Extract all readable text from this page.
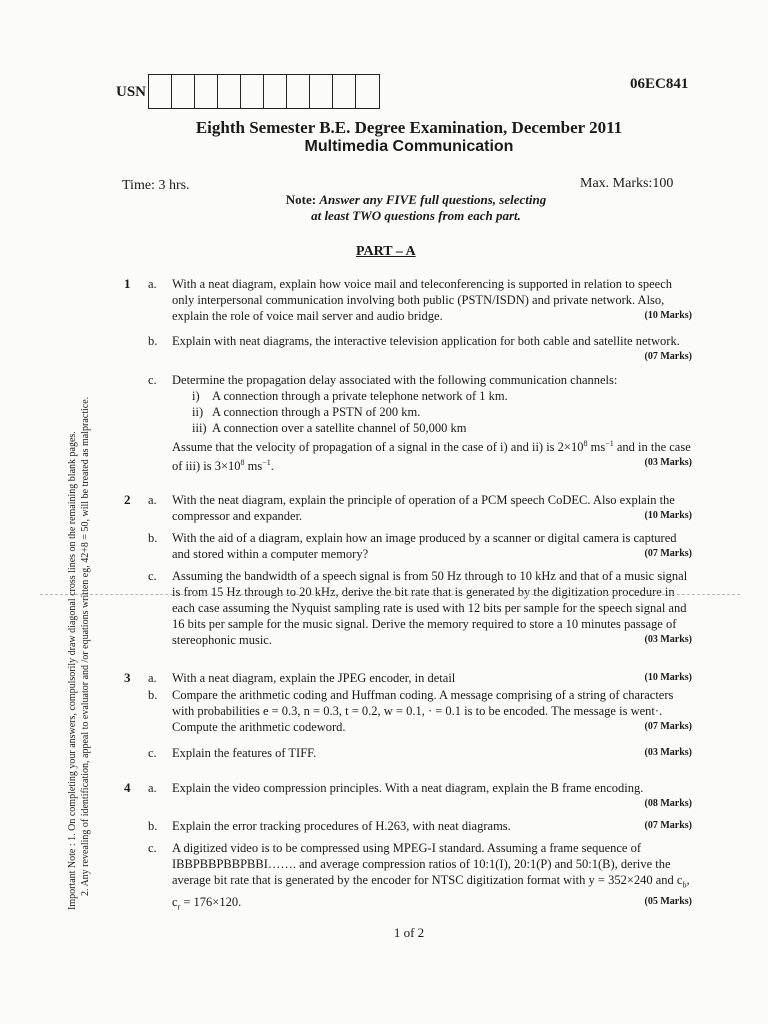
USN	06EC841
Eighth Semester B.E. Degree Examination, December 2011
Multimedia Communication
Time: 3 hrs.	Max. Marks:100
Note: Answer any FIVE full questions, selecting
at least TWO questions from each part.
PART – A
1 a. With a neat diagram, explain how voice mail and teleconferencing is supported in relation to speech only interpersonal communication involving both public (PSTN/ISDN) and private network. Also, explain the role of voice mail server and audio bridge.	(10 Marks)
b. Explain with neat diagrams, the interactive television application for both cable and satellite network.
(07 Marks)
c. Determine the propagation delay associated with the following communication channels:
i) A connection through a private telephone network of 1 km.
ii) A connection through a PSTN of 200 km.
iii) A connection over a satellite channel of 50,000 km
Assume that the velocity of propagation of a signal in the case of i) and ii) is $2\times 10^8$ $ms^{-1}$ and in the case of iii) is $3\times 10^8$ $ms^{-1}$.	(03 Marks)
2 a. With the neat diagram, explain the principle of operation of a PCM speech CoDEC. Also explain the compressor and expander.	(10 Marks)
b. With the aid of a diagram, explain how an image produced by a scanner or digital camera is captured and stored within a computer memory?	(07 Marks)
c. Assuming the bandwidth of a speech signal is from 50 Hz through to 10 kHz and that of a music signal is from 15 Hz through to 20 kHz, derive the bit rate that is generated by the digitization procedure in each case assuming the Nyquist sampling rate is used with 12 bits per sample for the speech signal and 16 bits per sample for the music signal. Derive the memory required to store a 10 minutes passage of stereophonic music.	(03 Marks)
3 a. With a neat diagram, explain the JPEG encoder, in detail	(10 Marks)
b. Compare the arithmetic coding and Huffman coding. A message comprising of a string of characters with probabilities e = 0.3, n = 0.3, t = 0.2, w = 0.1, · = 0.1 is to be encoded. The message is went·. Compute the arithmetic codeword.	(07 Marks)
c. Explain the features of TIFF.	(03 Marks)
4 a. Explain the video compression principles. With a neat diagram, explain the B frame encoding.
(08 Marks)
b. Explain the error tracking procedures of H.263, with neat diagrams.	(07 Marks)
c. A digitized video is to be compressed using MPEG-I standard. Assuming a frame sequence of IBBPBBPBBPBBI……. and average compression ratios of 10:1(I), 20:1(P) and 50:1(B), derive the average bit rate that is generated by the encoder for NTSC digitization format with y = 352×240 and $c_b$, $c_r = 176\times 120$.	(05 Marks)
Important Note : 1. On completing your answers, compulsorily draw diagonal cross lines on the remaining blank pages. 2. Any revealing of identification, appeal to evaluator and /or equations written eg, 42+8 = 50, will be treated as malpractice.
1 of 2
